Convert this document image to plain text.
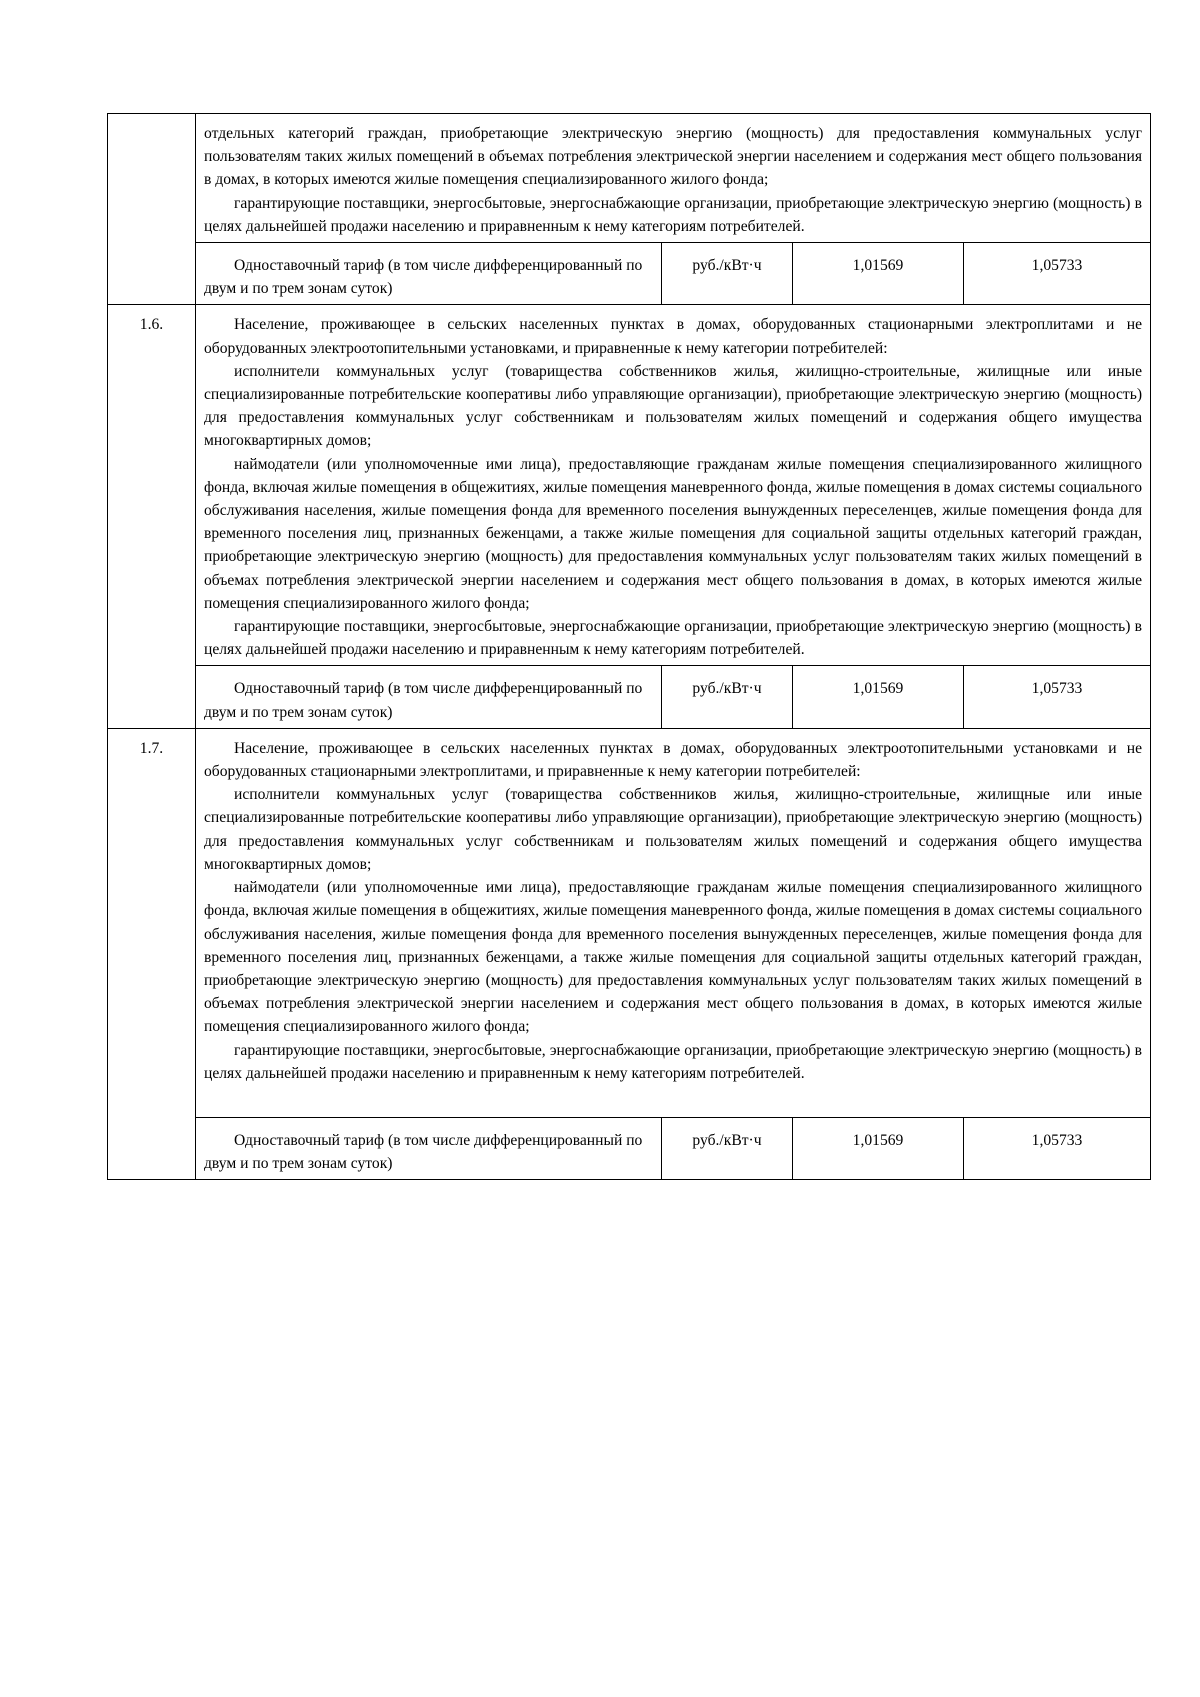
	отдельных категорий граждан, приобретающие электрическую энергию (мощность) для предоставления коммунальных услуг пользователям таких жилых помещений в объемах потребления электрической энергии населением и содержания мест общего пользования в домах, в которых имеются жилые помещения специализированного жилого фонда;

гарантирующие поставщики, энергосбытовые, энергоснабжающие организации, приобретающие электрическую энергию (мощность) в целях дальнейшей продажи населению и приравненным к нему категориям потребителей.			

	Одноставочный тариф (в том числе дифференцированный по двум и по трем зонам суток)	руб./кВт·ч	1,01569	1,05733
1.6.	Население, проживающее в сельских населенных пунктах в домах, оборудованных стационарными электроплитами и не оборудованных электроотопительными установками, и приравненные к нему категории потребителей:

исполнители коммунальных услуг (товарищества собственников жилья, жилищно-строительные, жилищные или иные специализированные потребительские кооперативы либо управляющие организации), приобретающие электрическую энергию (мощность) для предоставления коммунальных услуг собственникам и пользователям жилых помещений и содержания общего имущества многоквартирных домов;

наймодатели (или уполномоченные ими лица), предоставляющие гражданам жилые помещения специализированного жилищного фонда, включая жилые помещения в общежитиях, жилые помещения маневренного фонда, жилые помещения в домах системы социального обслуживания населения, жилые помещения фонда для временного поселения вынужденных переселенцев, жилые помещения фонда для временного поселения лиц, признанных беженцами, а также жилые помещения для социальной защиты отдельных категорий граждан, приобретающие электрическую энергию (мощность) для предоставления коммунальных услуг пользователям таких жилых помещений в объемах потребления электрической энергии населением и содержания мест общего пользования в домах, в которых имеются жилые помещения специализированного жилого фонда;

гарантирующие поставщики, энергосбытовые, энергоснабжающие организации, приобретающие электрическую энергию (мощность) в целях дальнейшей продажи населению и приравненным к нему категориям потребителей.			

	Одноставочный тариф (в том числе дифференцированный по двум и по трем зонам суток)	руб./кВт·ч	1,01569	1,05733
1.7.	Население, проживающее в сельских населенных пунктах в домах, оборудованных электроотопительными установками и не оборудованных стационарными электроплитами, и приравненные к нему категории потребителей:

исполнители коммунальных услуг (товарищества собственников жилья, жилищно-строительные, жилищные или иные специализированные потребительские кооперативы либо управляющие организации), приобретающие электрическую энергию (мощность) для предоставления коммунальных услуг собственникам и пользователям жилых помещений и содержания общего имущества многоквартирных домов;

наймодатели (или уполномоченные ими лица), предоставляющие гражданам жилые помещения специализированного жилищного фонда, включая жилые помещения в общежитиях, жилые помещения маневренного фонда, жилые помещения в домах системы социального обслуживания населения, жилые помещения фонда для временного поселения вынужденных переселенцев, жилые помещения фонда для временного поселения лиц, признанных беженцами, а также жилые помещения для социальной защиты отдельных категорий граждан, приобретающие электрическую энергию (мощность) для предоставления коммунальных услуг пользователям таких жилых помещений в объемах потребления электрической энергии населением и содержания мест общего пользования в домах, в которых имеются жилые помещения специализированного жилого фонда;

гарантирующие поставщики, энергосбытовые, энергоснабжающие организации, приобретающие электрическую энергию (мощность) в целях дальнейшей продажи населению и приравненным к нему категориям потребителей.			

	Одноставочный тариф (в том числе дифференцированный по двум и по трем зонам суток)	руб./кВт·ч	1,01569	1,05733
